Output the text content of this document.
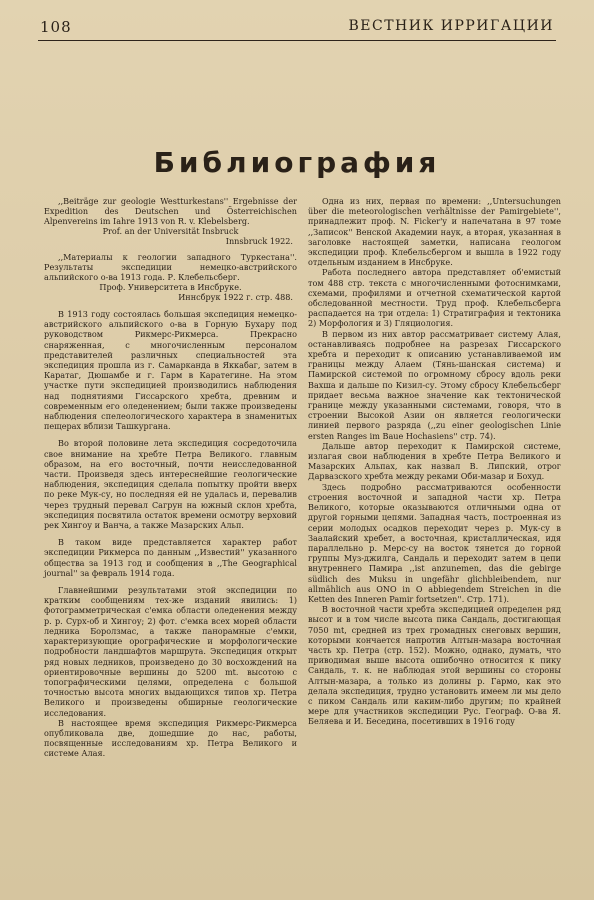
108	ВЕСТНИК ИРРИГАЦИИ
Библиография
,,Beiträge zur geologie Westturkestans'' Ergebnisse der Expedition des Deutschen und Österreichischen Alpenvereins im Iahre 1913 von R. v. Klebelsberg.
Prof. an der Universität Insbruck
Innsbruck 1922.
,,Материалы к геологии западного Туркестана''. Результаты экспедиции немецко-австрийского альпийского о-ва 1913 года. Р. Клебельсберг.
Проф. Университета в Инсбруке.
Иннсбрук 1922 г. стр. 488.

В 1913 году состоялась большая экспедиция немецко-австрийского альпийского о-ва в Горную Бухару под руководством Рикмерс-Рикмерса. Прекрасно снаряженная, с многочисленным персоналом представителей различных специальностей эта экспедиция прошла из г. Самарканда в Яккабаг, затем в Каратаг, Дюшамбе и г. Гарм в Каратегине. На этом участке пути экспедицией производились наблюдения над поднятиями Гиссарского хребта, древним и современным его оледенением; были также произведены наблюдения спелеологического характера в знаменитых пещерах вблизи Ташкургана.

Во второй половине лета экспедиция сосредоточила свое внимание на хребте Петра Великого. главным образом, на его восточный, почти неисследованной части. Произведя здесь интереснейшие геологические наблюдения, экспедиция сделала попытку пройти вверх по реке Мук-су, но последняя ей не удалась и, перевалив через трудный перевал Сагрун на южный склон хребта, экспедиция посвятила остаток времени осмотру верховий рек Хингоу и Ванча, а также Мазарских Альп.

В таком виде представляется характер работ экспедиции Рикмерса по данным ,,Известий'' указанного общества за 1913 год и сообщения в ,,The Geographical journal'' за февраль 1914 года.

Главнейшими результатами этой экспедиции по кратким сообщениям тех-же изданий явились: 1) фотограмметрическая с'емка области оледенения между р. р. Сурх-об и Хингоу; 2) фот. с'емка всех морей области ледника Боролзмас, а также панорамные с'емки, характеризующие орографические и морфологические подробности ландшафтов маршрута. Экспедиция открыт ряд новых ледников, произведено до 30 восхождений на ориентировочные вершины до 5200 mt. высотою с топографическими целями, определена с большой точностью высота многих выдающихся типов хр. Петра Великого и произведены обширные геологические исследования.

В настоящее время экспедиция Рикмерс-Рикмерса опубликовала две, дошедшие до нас, работы, посвященные исследованиям хр. Петра Великого и системе Алая.

Одна из них, первая по времени: ,,Untersuchungen über die meteorologischen verhältnisse der Pamirgebiete'', принадлежит проф. N. Ficker'y и напечатана в 97 томе ,,Записок'' Венской Академии наук, а вторая, указанная в заголовке настоящей заметки, написана геологом экспедиции проф. Клебельсбергом и вышла в 1922 году отдельным изданием в Инсбруке.

Работа последнего автора представляет об'емистый том 488 стр. текста с многочисленными фотоснимками, схемами, профилями и отчетной схематической картой обследованной местности. Труд проф. Клебельсберга распадается на три отдела: 1) Стратиграфия и тектоника 2) Морфология и 3) Гляциология.

В первом из них автор рассматривает систему Алая, останавливаясь подробнее на разрезах Гиссарского хребта и переходит к описанию устанавливаемой им границы между Алаем (Тянь-шанская система) и Памирской системой по огромному сбросу вдоль реки Вахша и дальше по Кизил-су. Этому сбросу Клебельсберг придает весьма важное значение как тектонической границе между указанными системами, говоря, что в строении Высокой Азии он является геологически линией первого разряда (,,zu einer geologischen Linie ersten Ranges im Baue Hochasiens'' стр. 74).

Дальше автор переходит к Памирской системе, излагая свои наблюдения в хребте Петра Великого и Мазарских Альпах, как назвал В. Липский, отрог Дарвазского хребта между реками Оби-мазар и Бохуд.

Здесь подробно рассматриваются особенности строения восточной и западной части хр. Петра Великого, которые оказываются отличными одна от другой горными цепями. Западная часть, построенная из серии молодых осадков переходит через р. Мук-су в Заалайский хребет, а восточная, кристаллическая, идя параллельно р. Мерс-су на восток тянется до горной группы Муз-джилга, Сандаль и переходит затем в цепи внутреннего Памира ,,ist anzunemen, das die gebirge südlich des Muksu in ungefähr glichbleibendem, nur allmählich aus ONO in O abbiegendem Streichen in die Ketten des Inneren Pamir fortsetzen''. Стр. 171).

В восточной части хребта экспедицией определен ряд высот и в том числе высота пика Сандаль, достигающая 7050 mt, средней из трех громадных снеговых вершин, которыми кончается напротив Алтын-мазара восточная часть хр. Петра (стр. 152). Можно, однако, думать, что приводимая выше высота ошибочно относится к пику Сандаль, т. к. не наблюдая этой вершины со стороны Алтын-мазара, а только из долины р. Гармо, как это делала экспедиция, трудно установить имеем ли мы дело с пиком Сандаль или каким-либо другим; по крайней мере для участников экспедиции Рус. Географ. О-ва Я. Беляева и И. Беседина, посетивших в 1916 году
